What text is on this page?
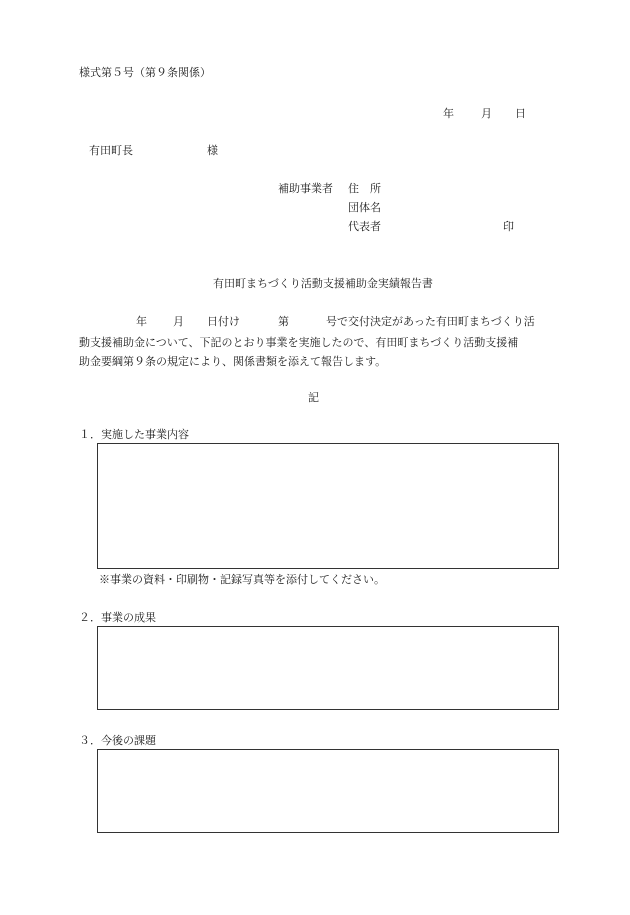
様式第５号（第９条関係）
年 月 日
有田町長	様
補助事業者 住　所
団体名
代表者	印
有田町まちづくり活動支援補助金実績報告書
年 月 日付け	第	号で交付決定があった有田町まちづくり活
動支援補助金について、下記のとおり事業を実施したので、有田町まちづくり活動支援補
助金要綱第９条の規定により、関係書類を添えて報告します。
記
１．実施した事業内容
※事業の資料・印刷物・記録写真等を添付してください。
２．事業の成果
３．今後の課題
